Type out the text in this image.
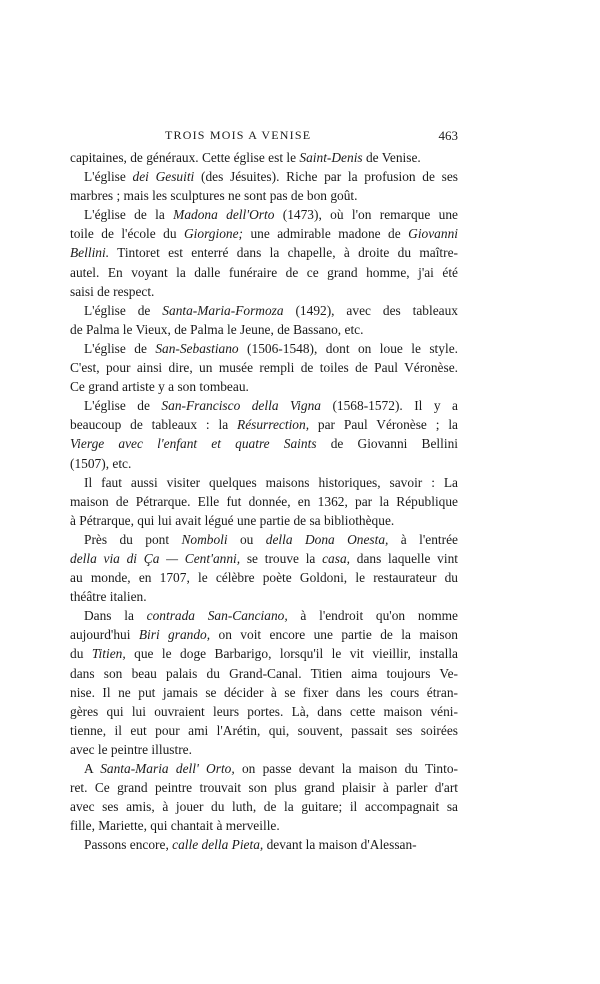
TROIS MOIS A VENISE	463
capitaines, de généraux. Cette église est le Saint-Denis de Venise.
L'église dei Gesuiti (des Jésuites). Riche par la profusion de ses
marbres ; mais les sculptures ne sont pas de bon goût.
L'église de la Madona dell'Orto (1473), où l'on remarque une
toile de l'école du Giorgione; une admirable madone de Giovanni
Bellini. Tintoret est enterré dans la chapelle, à droite du maître-
autel. En voyant la dalle funéraire de ce grand homme, j'ai été
saisi de respect.
L'église de Santa-Maria-Formoza (1492), avec des tableaux
de Palma le Vieux, de Palma le Jeune, de Bassano, etc.
L'église de San-Sebastiano (1506-1548), dont on loue le style.
C'est, pour ainsi dire, un musée rempli de toiles de Paul Véronèse.
Ce grand artiste y a son tombeau.
L'église de San-Francisco della Vigna (1568-1572). Il y a
beaucoup de tableaux : la Résurrection, par Paul Véronèse ; la
Vierge avec l'enfant et quatre Saints de Giovanni Bellini
(1507), etc.
Il faut aussi visiter quelques maisons historiques, savoir : La
maison de Pétrarque. Elle fut donnée, en 1362, par la République
à Pétrarque, qui lui avait légué une partie de sa bibliothèque.
Près du pont Nomboli ou della Dona Onesta, à l'entrée
della via di Ça — Cent'anni, se trouve la casa, dans laquelle vint
au monde, en 1707, le célèbre poète Goldoni, le restaurateur du
théâtre italien.
Dans la contrada San-Canciano, à l'endroit qu'on nomme
aujourd'hui Biri grando, on voit encore une partie de la maison
du Titien, que le doge Barbarigo, lorsqu'il le vit vieillir, installa
dans son beau palais du Grand-Canal. Titien aima toujours Ve-
nise. Il ne put jamais se décider à se fixer dans les cours étran-
gères qui lui ouvraient leurs portes. Là, dans cette maison véni-
tienne, il eut pour ami l'Arétin, qui, souvent, passait ses soirées
avec le peintre illustre.
A Santa-Maria dell' Orto, on passe devant la maison du Tinto-
ret. Ce grand peintre trouvait son plus grand plaisir à parler d'art
avec ses amis, à jouer du luth, de la guitare; il accompagnait sa
fille, Mariette, qui chantait à merveille.
Passons encore, calle della Pieta, devant la maison d'Alessan-
